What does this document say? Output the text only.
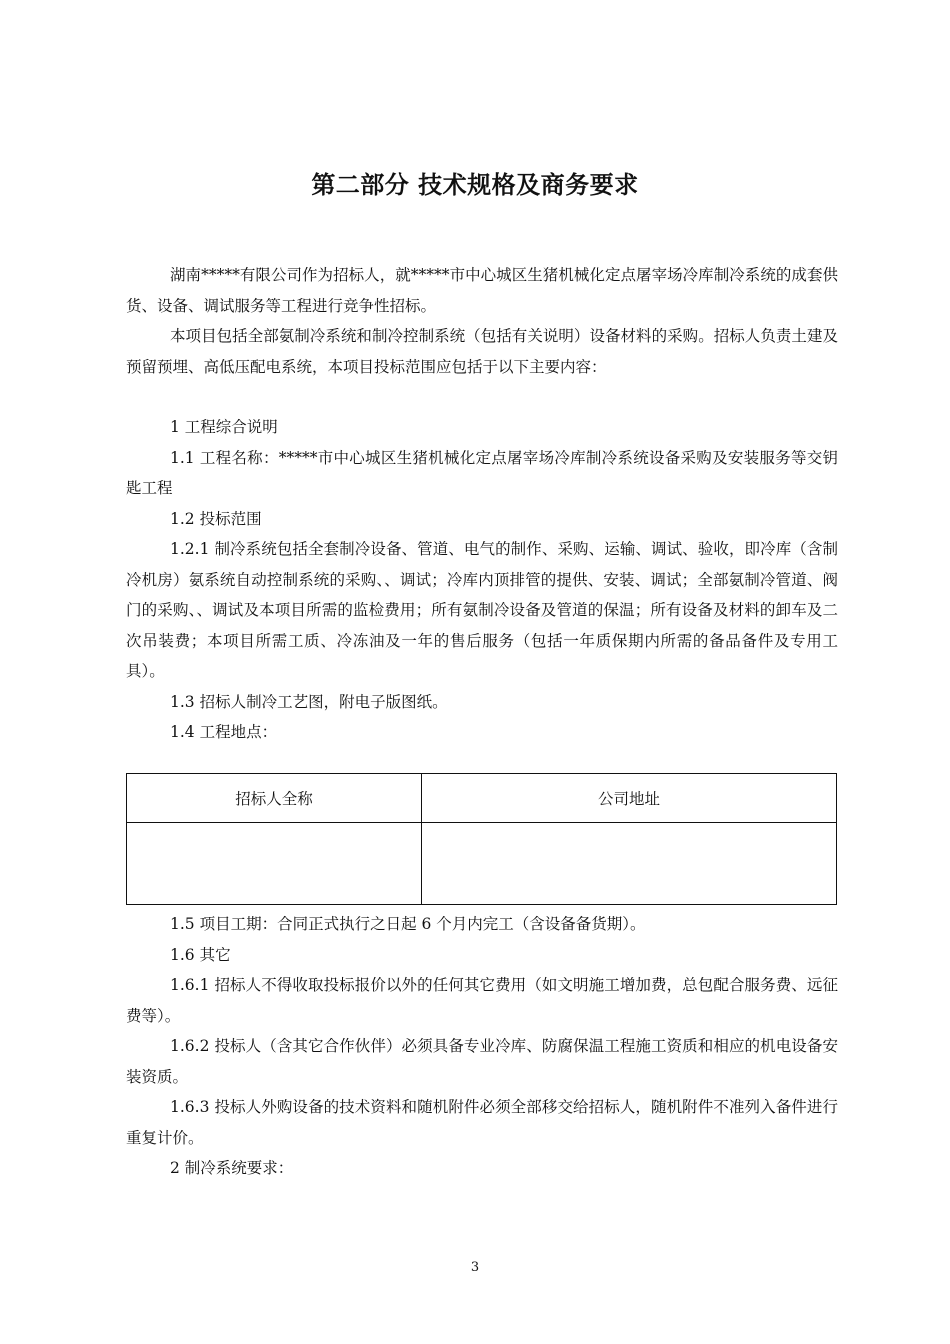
第二部分 技术规格及商务要求

湖南*****有限公司作为招标人，就*****市中心城区生猪机械化定点屠宰场冷库制冷系统的成套供货、设备、调试服务等工程进行竞争性招标。

本项目包括全部氨制冷系统和制冷控制系统（包括有关说明）设备材料的采购。招标人负责土建及预留预埋、高低压配电系统，本项目投标范围应包括于以下主要内容：

1 工程综合说明

1.1 工程名称：*****市中心城区生猪机械化定点屠宰场冷库制冷系统设备采购及安装服务等交钥匙工程

1.2 投标范围

1.2.1 制冷系统包括全套制冷设备、管道、电气的制作、采购、运输、调试、验收，即冷库（含制冷机房）氨系统自动控制系统的采购、、调试；冷库内顶排管的提供、安装、调试；全部氨制冷管道、阀门的采购、、调试及本项目所需的监检费用；所有氨制冷设备及管道的保温；所有设备及材料的卸车及二次吊装费；本项目所需工质、冷冻油及一年的售后服务（包括一年质保期内所需的备品备件及专用工具）。

1.3 招标人制冷工艺图，附电子版图纸。

1.4 工程地点：

招标人全称	公司地址

1.5 项目工期：合同正式执行之日起 6 个月内完工（含设备备货期）。

1.6 其它

1.6.1 招标人不得收取投标报价以外的任何其它费用（如文明施工增加费，总包配合服务费、远征费等）。

1.6.2 投标人（含其它合作伙伴）必须具备专业冷库、防腐保温工程施工资质和相应的机电设备安装资质。

1.6.3 投标人外购设备的技术资料和随机附件必须全部移交给招标人，随机附件不准列入备件进行重复计价。

2 制冷系统要求：

3
